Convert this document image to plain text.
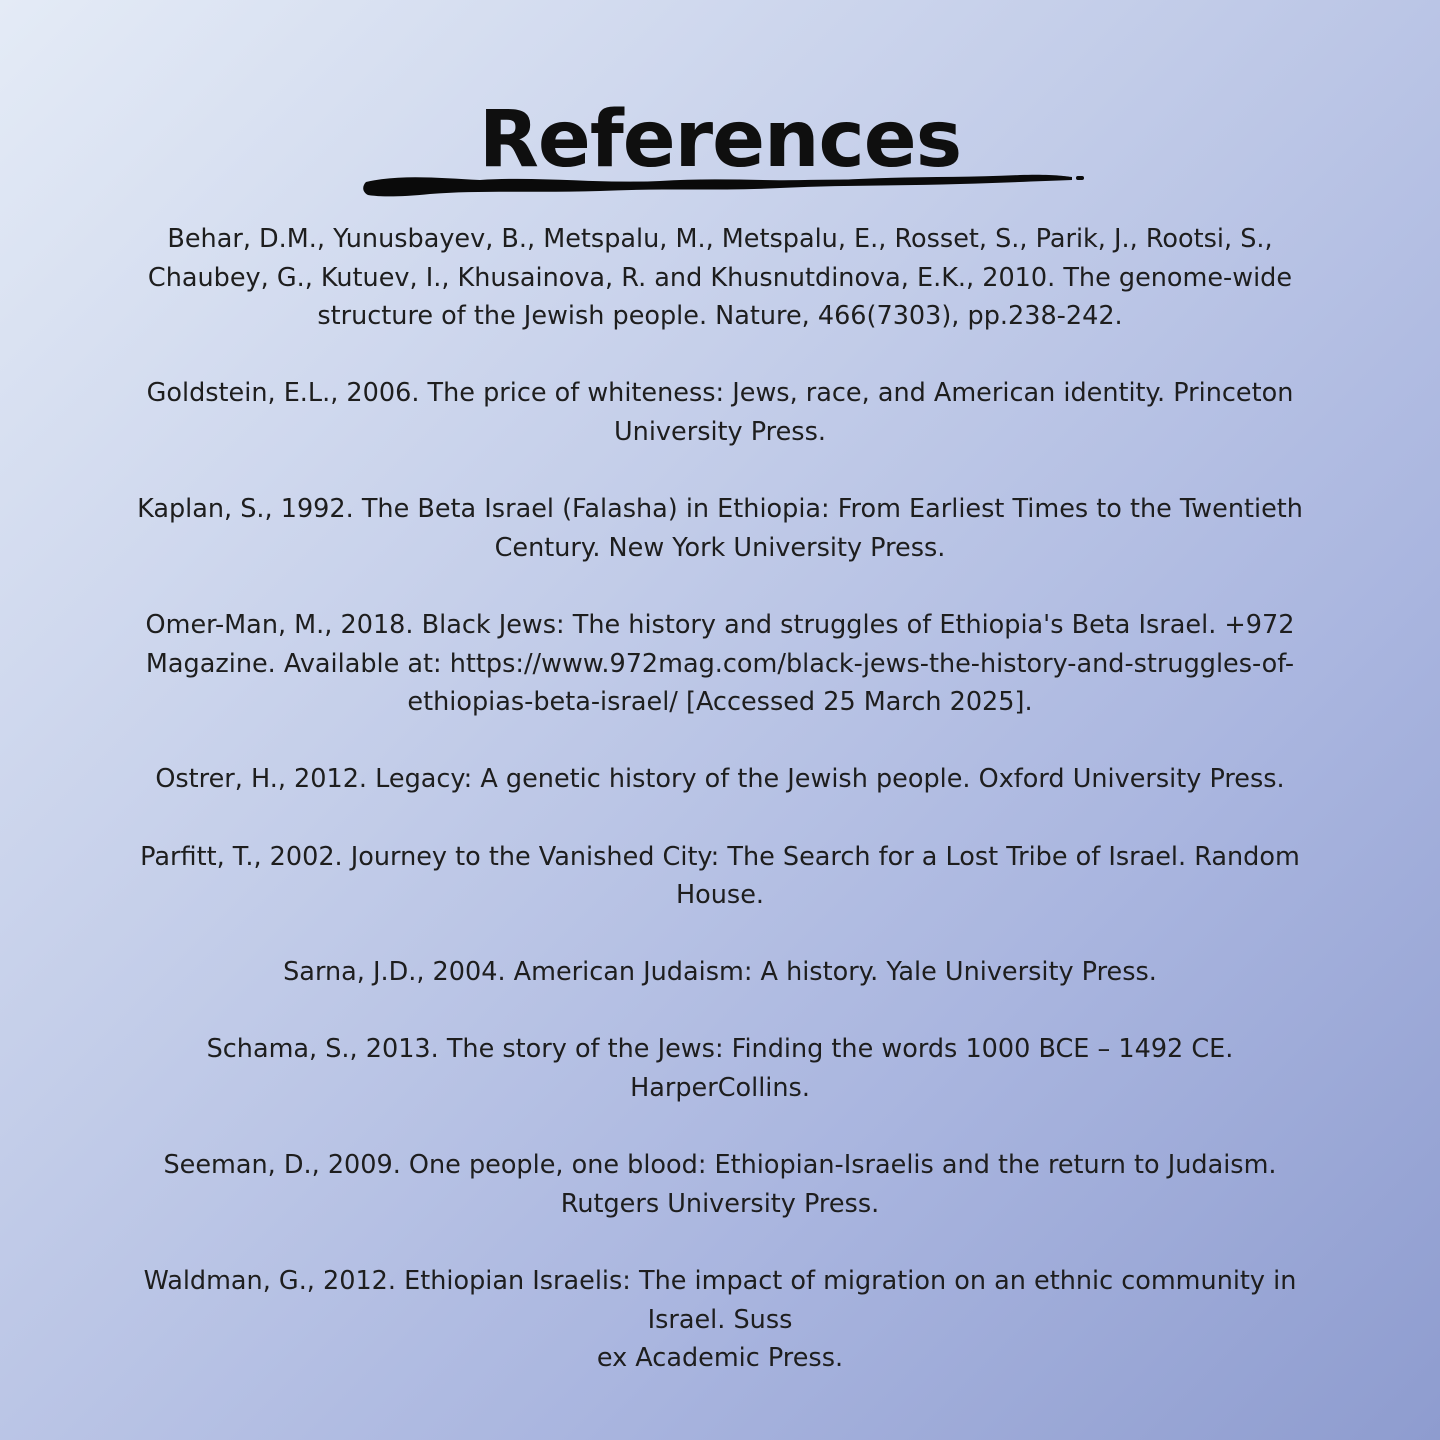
References

Behar, D.M., Yunusbayev, B., Metspalu, M., Metspalu, E., Rosset, S., Parik, J., Rootsi, S.,
Chaubey, G., Kutuev, I., Khusainova, R. and Khusnutdinova, E.K., 2010. The genome-wide
structure of the Jewish people. Nature, 466(7303), pp.238-242.

Goldstein, E.L., 2006. The price of whiteness: Jews, race, and American identity. Princeton
University Press.

Kaplan, S., 1992. The Beta Israel (Falasha) in Ethiopia: From Earliest Times to the Twentieth
Century. New York University Press.

Omer-Man, M., 2018. Black Jews: The history and struggles of Ethiopia's Beta Israel. +972
Magazine. Available at: https://www.972mag.com/black-jews-the-history-and-struggles-of-
ethiopias-beta-israel/ [Accessed 25 March 2025].

Ostrer, H., 2012. Legacy: A genetic history of the Jewish people. Oxford University Press.

Parfitt, T., 2002. Journey to the Vanished City: The Search for a Lost Tribe of Israel. Random
House.

Sarna, J.D., 2004. American Judaism: A history. Yale University Press.

Schama, S., 2013. The story of the Jews: Finding the words 1000 BCE – 1492 CE.
HarperCollins.

Seeman, D., 2009. One people, one blood: Ethiopian-Israelis and the return to Judaism.
Rutgers University Press.

Waldman, G., 2012. Ethiopian Israelis: The impact of migration on an ethnic community in
Israel. Suss
ex Academic Press.
